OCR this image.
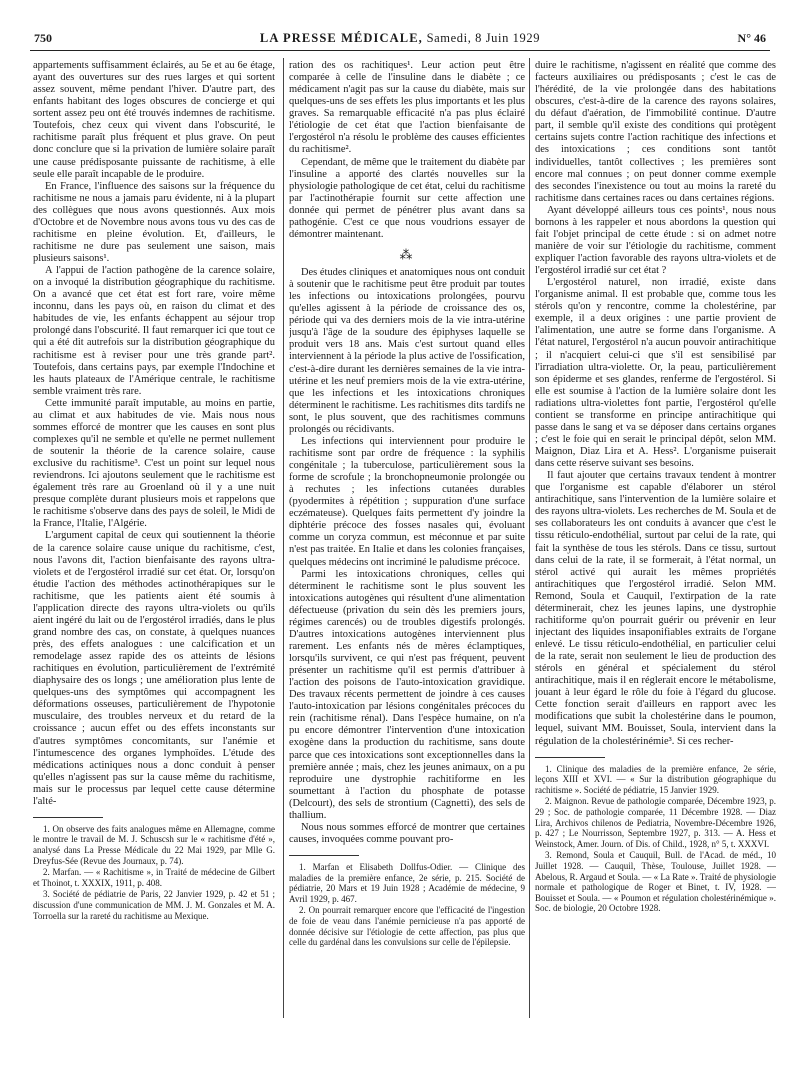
750	LA PRESSE MÉDICALE, Samedi, 8 Juin 1929	N° 46

appartements suffisamment éclairés, au 5e et au 6e étage, ayant des ouvertures sur des rues larges et qui sortent assez souvent, même pendant l'hiver. D'autre part, des enfants habitant des loges obscures de concierge et qui sortent assez peu ont été trouvés indemnes de rachitisme. Toutefois, chez ceux qui vivent dans l'obscurité, le rachitisme paraît plus fréquent et plus grave. On peut donc conclure que si la privation de lumière solaire paraît une cause prédisposante puissante de rachitisme, à elle seule elle paraît incapable de le produire.

En France, l'influence des saisons sur la fréquence du rachitisme ne nous a jamais paru évidente, ni à la plupart des collègues que nous avons questionnés. Aux mois d'Octobre et de Novembre nous avons tous vu des cas de rachitisme en pleine évolution. Et, d'ailleurs, le rachitisme ne dure pas seulement une saison, mais plusieurs saisons¹.

A l'appui de l'action pathogène de la carence solaire, on a invoqué la distribution géographique du rachitisme. On a avancé que cet état est fort rare, voire même inconnu, dans les pays où, en raison du climat et des habitudes de vie, les enfants échappent au séjour trop prolongé dans l'obscurité. Il faut remarquer ici que tout ce qui a été dit autrefois sur la distribution géographique du rachitisme est à reviser pour une très grande part². Toutefois, dans certains pays, par exemple l'Indochine et les hauts plateaux de l'Amérique centrale, le rachitisme semble vraiment très rare.

Cette immunité paraît imputable, au moins en partie, au climat et aux habitudes de vie. Mais nous nous sommes efforcé de montrer que les causes en sont plus complexes qu'il ne semble et qu'elle ne permet nullement de soutenir la théorie de la carence solaire, cause exclusive du rachitisme³. C'est un point sur lequel nous reviendrons. Ici ajoutons seulement que le rachitisme est également très rare au Groenland où il y a une nuit presque complète durant plusieurs mois et rappelons que le rachitisme s'observe dans des pays de soleil, le Midi de la France, l'Italie, l'Algérie.

L'argument capital de ceux qui soutiennent la théorie de la carence solaire cause unique du rachitisme, c'est, nous l'avons dit, l'action bienfaisante des rayons ultra-violets et de l'ergostérol irradié sur cet état. Or, lorsqu'on étudie l'action des méthodes actinothérapiques sur le rachitisme, que les patients aient été soumis à l'application directe des rayons ultra-violets ou qu'ils aient ingéré du lait ou de l'ergostérol irradiés, dans le plus grand nombre des cas, on constate, à quelques nuances près, des effets analogues : une calcification et un remodelage assez rapide des os atteints de lésions rachitiques en évolution, particulièrement de l'extrémité diaphysaire des os longs ; une amélioration plus lente de quelques-uns des symptômes qui accompagnent les déformations osseuses, particulièrement de l'hypotonie musculaire, des troubles nerveux et du retard de la croissance ; aucun effet ou des effets inconstants sur d'autres symptômes concomitants, sur l'anémie et l'intumescence des organes lymphoïdes. L'étude des médications actiniques nous a donc conduit à penser qu'elles n'agissent pas sur la cause même du rachitisme, mais sur le processus par lequel cette cause détermine l'alté-

1. On observe des faits analogues même en Allemagne, comme le montre le travail de M. J. Schuscsh sur le « rachitisme d'été », analysé dans La Presse Médicale du 22 Mai 1929, par Mlle G. Dreyfus-Sée (Revue des Journaux, p. 74).

2. Marfan. — « Rachitisme », in Traité de médecine de Gilbert et Thoinot, t. XXXIX, 1911, p. 408.

3. Société de pédiatrie de Paris, 22 Janvier 1929, p. 42 et 51 ; discussion d'une communication de MM. J. M. Gonzales et M. A. Torroella sur la rareté du rachitisme au Mexique.

ration des os rachitiques¹. Leur action peut être comparée à celle de l'insuline dans le diabète ; ce médicament n'agit pas sur la cause du diabète, mais sur quelques-uns de ses effets les plus importants et les plus graves. Sa remarquable efficacité n'a pas plus éclairé l'étiologie de cet état que l'action bienfaisante de l'ergostérol n'a résolu le problème des causes efficientes du rachitisme².

Cependant, de même que le traitement du diabète par l'insuline a apporté des clartés nouvelles sur la physiologie pathologique de cet état, celui du rachitisme par l'actinothérapie fournit sur cette affection une donnée qui permet de pénétrer plus avant dans sa pathogénie. C'est ce que nous voudrions essayer de démontrer maintenant.

⁂

Des études cliniques et anatomiques nous ont conduit à soutenir que le rachitisme peut être produit par toutes les infections ou intoxications prolongées, pourvu qu'elles agissent à la période de croissance des os, période qui va des derniers mois de la vie intra-utérine jusqu'à l'âge de la soudure des épiphyses laquelle se produit vers 18 ans. Mais c'est surtout quand elles interviennent à la période la plus active de l'ossification, c'est-à-dire durant les dernières semaines de la vie intra-utérine et les neuf premiers mois de la vie extra-utérine, que les infections et les intoxications chroniques déterminent le rachitisme. Les rachitismes dits tardifs ne sont, le plus souvent, que des rachitismes communs prolongés ou récidivants.

Les infections qui interviennent pour produire le rachitisme sont par ordre de fréquence : la syphilis congénitale ; la tuberculose, particulièrement sous la forme de scrofule ; la bronchopneumonie prolongée ou à rechutes ; les infections cutanées durables (pyodermites à répétition ; suppuration d'une surface eczémateuse). Quelques faits permettent d'y joindre la diphtérie précoce des fosses nasales qui, évoluant comme un coryza commun, est méconnue et par suite n'est pas traitée. En Italie et dans les colonies françaises, quelques médecins ont incriminé le paludisme précoce.

Parmi les intoxications chroniques, celles qui déterminent le rachitisme sont le plus souvent les intoxications autogènes qui résultent d'une alimentation défectueuse (privation du sein dès les premiers jours, régimes carencés) ou de troubles digestifs prolongés. D'autres intoxications autogènes interviennent plus rarement. Les enfants nés de mères éclamptiques, lorsqu'ils survivent, ce qui n'est pas fréquent, peuvent présenter un rachitisme qu'il est permis d'attribuer à l'action des poisons de l'auto-intoxication gravidique. Des travaux récents permettent de joindre à ces causes l'auto-intoxication par lésions congénitales précoces du rein (rachitisme rénal). Dans l'espèce humaine, on n'a pu encore démontrer l'intervention d'une intoxication exogène dans la production du rachitisme, sans doute parce que ces intoxications sont exceptionnelles dans la première année ; mais, chez les jeunes animaux, on a pu reproduire une dystrophie rachitiforme en les soumettant à l'action du phosphate de potasse (Delcourt), des sels de strontium (Cagnetti), des sels de thallium.

Nous nous sommes efforcé de montrer que certaines causes, invoquées comme pouvant pro-

1. Marfan et Elisabeth Dollfus-Odier. — Clinique des maladies de la première enfance, 2e série, p. 215. Société de pédiatrie, 20 Mars et 19 Juin 1928 ; Académie de médecine, 9 Avril 1929, p. 467.

2. On pourrait remarquer encore que l'efficacité de l'ingestion de foie de veau dans l'anémie pernicieuse n'a pas apporté de donnée décisive sur l'étiologie de cette affection, pas plus que celle du gardénal dans les convulsions sur celle de l'épilepsie.

duire le rachitisme, n'agissent en réalité que comme des facteurs auxiliaires ou prédisposants ; c'est le cas de l'hérédité, de la vie prolongée dans des habitations obscures, c'est-à-dire de la carence des rayons solaires, du défaut d'aération, de l'immobilité continue. D'autre part, il semble qu'il existe des conditions qui protègent certains sujets contre l'action rachitique des infections et des intoxications ; ces conditions sont tantôt individuelles, tantôt collectives ; les premières sont encore mal connues ; on peut donner comme exemple des secondes l'inexistence ou tout au moins la rareté du rachitisme dans certaines races ou dans certaines régions.

Ayant développé ailleurs tous ces points¹, nous nous bornons à les rappeler et nous abordons la question qui fait l'objet principal de cette étude : si on admet notre manière de voir sur l'étiologie du rachitisme, comment expliquer l'action favorable des rayons ultra-violets et de l'ergostérol irradié sur cet état ?

L'ergostérol naturel, non irradié, existe dans l'organisme animal. Il est probable que, comme tous les stérols qu'on y rencontre, comme la cholestérine, par exemple, il a deux origines : une partie provient de l'alimentation, une autre se forme dans l'organisme. A l'état naturel, l'ergostérol n'a aucun pouvoir antirachitique ; il n'acquiert celui-ci que s'il est sensibilisé par l'irradiation ultra-violette. Or, la peau, particulièrement son épiderme et ses glandes, renferme de l'ergostérol. Si elle est soumise à l'action de la lumière solaire dont les radiations ultra-violettes font partie, l'ergostérol qu'elle contient se transforme en principe antirachitique qui passe dans le sang et va se déposer dans certains organes ; c'est le foie qui en serait le principal dépôt, selon MM. Maignon, Diaz Lira et A. Hess². L'organisme puiserait dans cette réserve suivant ses besoins.

Il faut ajouter que certains travaux tendent à montrer que l'organisme est capable d'élaborer un stérol antirachitique, sans l'intervention de la lumière solaire et des rayons ultra-violets. Les recherches de M. Soula et de ses collaborateurs les ont conduits à avancer que c'est le tissu réticulo-endothélial, surtout par celui de la rate, qui fait la synthèse de tous les stérols. Dans ce tissu, surtout dans celui de la rate, il se formerait, à l'état normal, un stérol activé qui aurait les mêmes propriétés antirachitiques que l'ergostérol irradié. Selon MM. Remond, Soula et Cauquil, l'extirpation de la rate déterminerait, chez les jeunes lapins, une dystrophie rachitiforme qu'on pourrait guérir ou prévenir en leur injectant des liquides insaponifiables extraits de l'organe enlevé. Le tissu réticulo-endothélial, en particulier celui de la rate, serait non seulement le lieu de production des stérols en général et spécialement du stérol antirachitique, mais il en réglerait encore le métabolisme, jouant à leur égard le rôle du foie à l'égard du glucose. Cette fonction serait d'ailleurs en rapport avec les modifications que subit la cholestérine dans le poumon, lequel, suivant MM. Bouisset, Soula, intervient dans la régulation de la cholestérinémie³. Si ces recher-

1. Clinique des maladies de la première enfance, 2e série, leçons XIII et XVI. — « Sur la distribution géographique du rachitisme ». Société de pédiatrie, 15 Janvier 1929.

2. Maignon. Revue de pathologie comparée, Décembre 1923, p. 29 ; Soc. de pathologie comparée, 11 Décembre 1928. — Diaz Lira, Archivos chilenos de Pediatria, Novembre-Décembre 1926, p. 427 ; Le Nourrisson, Septembre 1927, p. 313. — A. Hess et Weinstock, Amer. Journ. of Dis. of Child., 1928, n° 5, t. XXXVI.

3. Remond, Soula et Cauquil, Bull. de l'Acad. de méd., 10 Juillet 1928. — Cauquil, Thèse, Toulouse, Juillet 1928. — Abelous, R. Argaud et Soula. — « La Rate ». Traité de physiologie normale et pathologique de Roger et Binet, t. IV, 1928. — Bouisset et Soula. — « Poumon et régulation cholestérinémique ». Soc. de biologie, 20 Octobre 1928.
